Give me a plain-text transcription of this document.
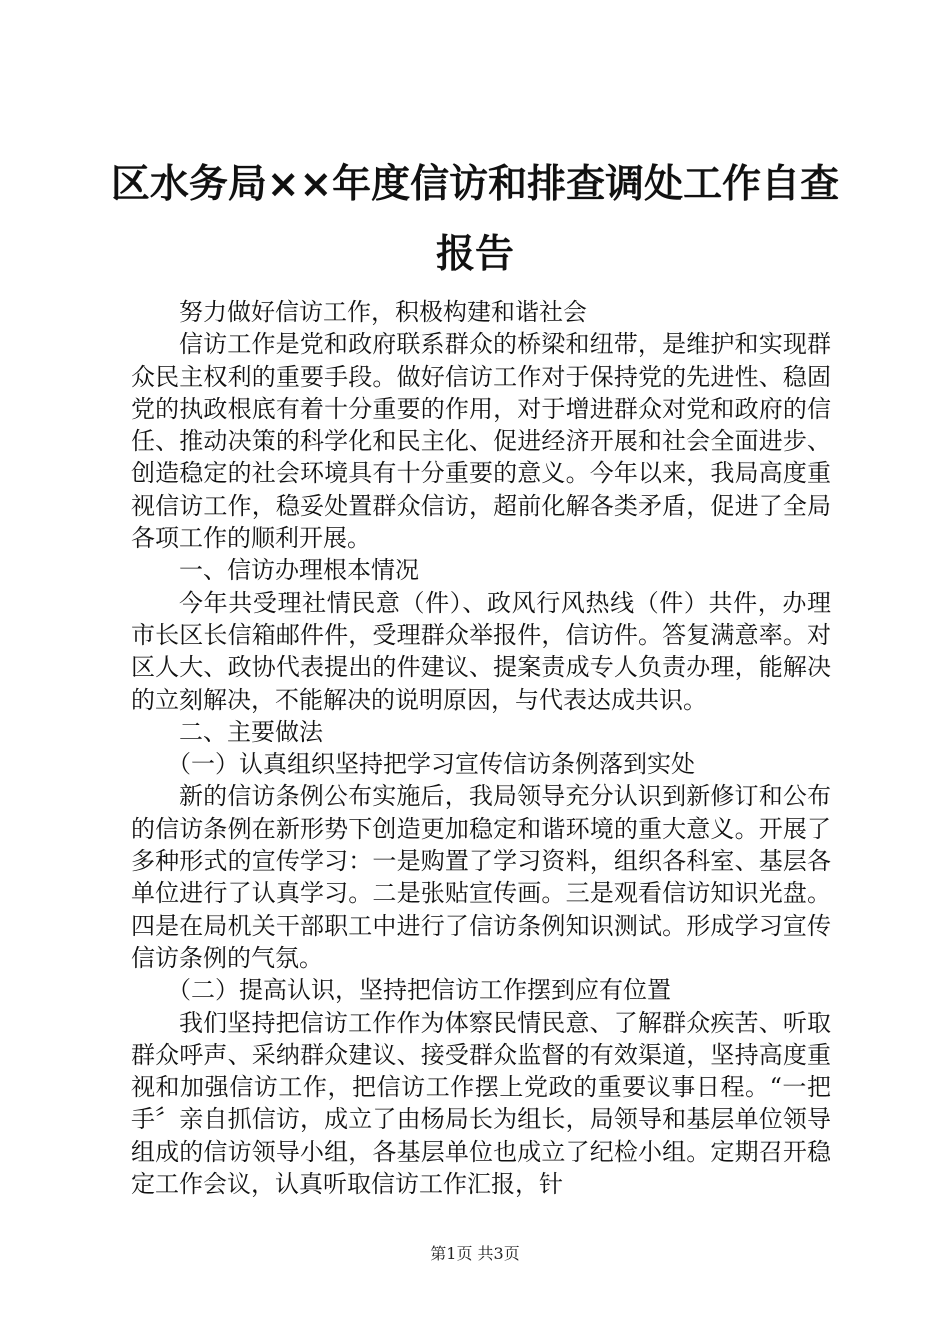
区水务局××年度信访和排查调处工作自查报告

努力做好信访工作，积极构建和谐社会

信访工作是党和政府联系群众的桥梁和纽带，是维护和实现群众民主权利的重要手段。做好信访工作对于保持党的先进性、稳固党的执政根底有着十分重要的作用，对于增进群众对党和政府的信任、推动决策的科学化和民主化、促进经济开展和社会全面进步、创造稳定的社会环境具有十分重要的意义。今年以来，我局高度重视信访工作，稳妥处置群众信访，超前化解各类矛盾，促进了全局各项工作的顺利开展。

一、信访办理根本情况

今年共受理社情民意（件）、政风行风热线（件）共件，办理市长区长信箱邮件件，受理群众举报件，信访件。答复满意率。对区人大、政协代表提出的件建议、提案责成专人负责办理，能解决的立刻解决，不能解决的说明原因，与代表达成共识。

二、主要做法

（一）认真组织坚持把学习宣传信访条例落到实处

新的信访条例公布实施后，我局领导充分认识到新修订和公布的信访条例在新形势下创造更加稳定和谐环境的重大意义。开展了多种形式的宣传学习：一是购置了学习资料，组织各科室、基层各单位进行了认真学习。二是张贴宣传画。三是观看信访知识光盘。四是在局机关干部职工中进行了信访条例知识测试。形成学习宣传信访条例的气氛。

（二）提高认识，坚持把信访工作摆到应有位置

我们坚持把信访工作作为体察民情民意、了解群众疾苦、听取群众呼声、采纳群众建议、接受群众监督的有效渠道，坚持高度重视和加强信访工作，把信访工作摆上党政的重要议事日程。“一把手〞亲自抓信访，成立了由杨局长为组长，局领导和基层单位领导组成的信访领导小组，各基层单位也成立了纪检小组。定期召开稳定工作会议，认真听取信访工作汇报，针

第1页 共3页
